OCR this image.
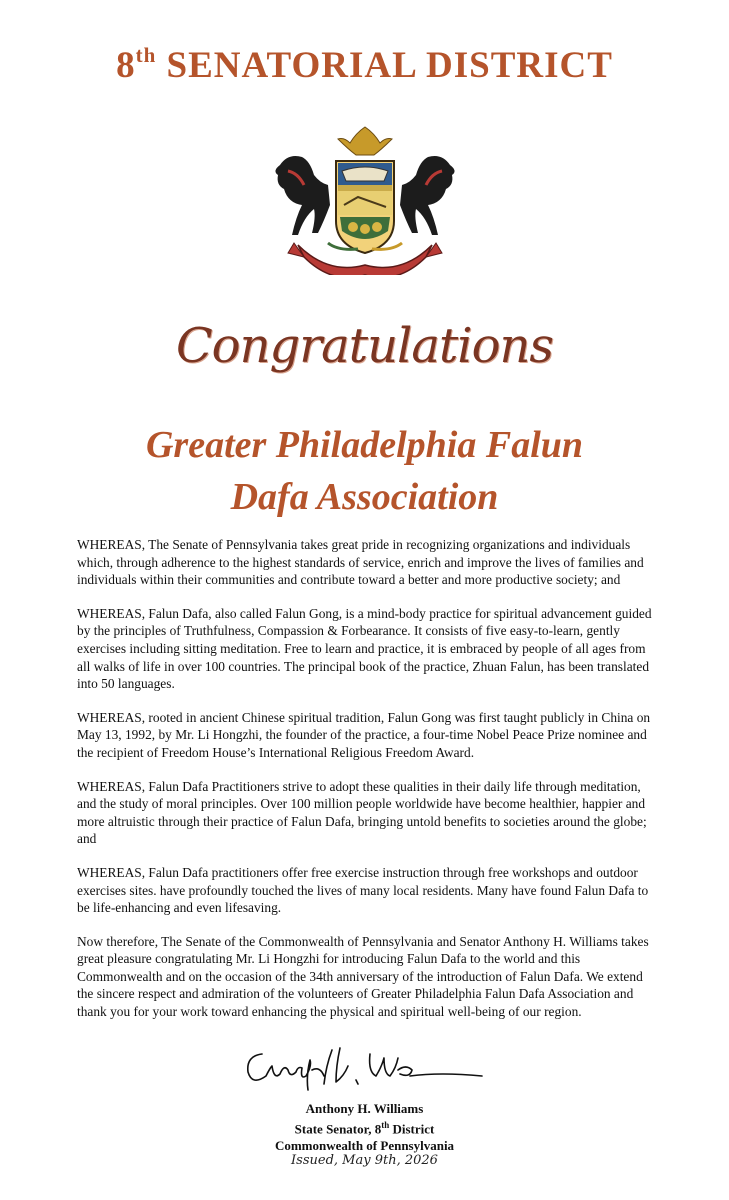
8th SENATORIAL DISTRICT
Congratulations
Greater Philadelphia Falun
Dafa Association

WHEREAS, The Senate of Pennsylvania takes great pride in recognizing organizations and individuals which, through adherence to the highest standards of service, enrich and improve the lives of families and individuals within their communities and contribute toward a better and more productive society; and

WHEREAS, Falun Dafa, also called Falun Gong, is a mind-body practice for spiritual advancement guided by the principles of Truthfulness, Compassion & Forbearance. It consists of five easy-to-learn, gently exercises including sitting meditation. Free to learn and practice, it is embraced by people of all ages from all walks of life in over 100 countries. The principal book of the practice, Zhuan Falun, has been translated into 50 languages.

WHEREAS, rooted in ancient Chinese spiritual tradition, Falun Gong was first taught publicly in China on May 13, 1992, by Mr. Li Hongzhi, the founder of the practice, a four-time Nobel Peace Prize nominee and the recipient of Freedom House’s International Religious Freedom Award.

WHEREAS, Falun Dafa Practitioners strive to adopt these qualities in their daily life through meditation, and the study of moral principles. Over 100 million people worldwide have become healthier, happier and more altruistic through their practice of Falun Dafa, bringing untold benefits to societies around the globe; and

WHEREAS, Falun Dafa practitioners offer free exercise instruction through free workshops and outdoor exercises sites. have profoundly touched the lives of many local residents. Many have found Falun Dafa to be life-enhancing and even lifesaving.

Now therefore, The Senate of the Commonwealth of Pennsylvania and Senator Anthony H. Williams takes great pleasure congratulating Mr. Li Hongzhi for introducing Falun Dafa to the world and this Commonwealth and on the occasion of the 34th anniversary of the introduction of Falun Dafa. We extend the sincere respect and admiration of the volunteers of Greater Philadelphia Falun Dafa Association and thank you for your work toward enhancing the physical and spiritual well-being of our region.

Anthony H. Williams
State Senator, 8th District
Commonwealth of Pennsylvania
Issued, May 9th, 2026
